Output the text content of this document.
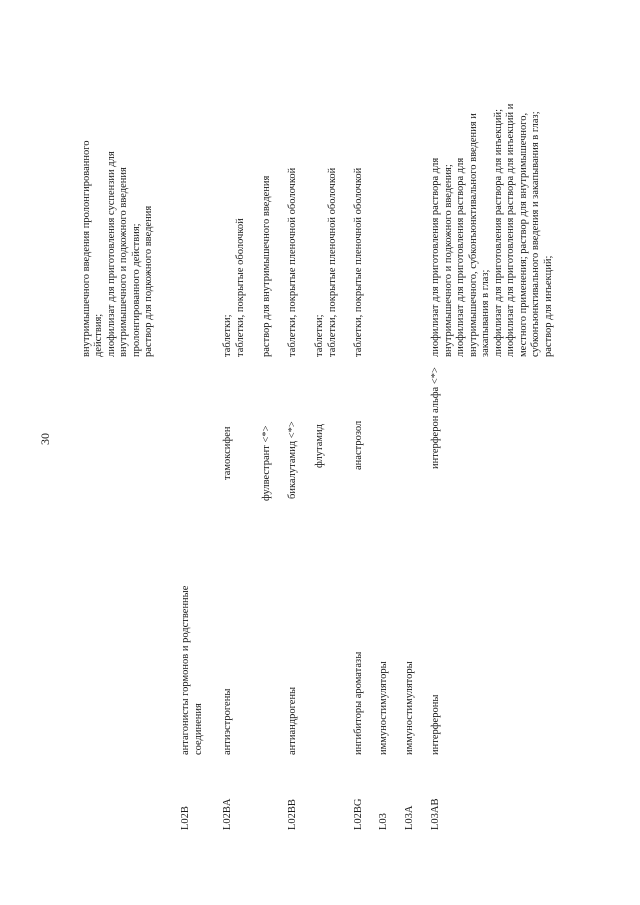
30
внутримышечного введения пролонгированного действия; лиофилизат для приготовления суспензии для внутримышечного и подкожного введения пролонгированного действия; раствор для подкожного введения
L02B
антагонисты гормонов и родственные соединения
L02BA
антиэстрогены
тамоксифен
таблетки; таблетки, покрытые оболочкой
фулвестрант <*>
раствор для внутримышечного введения
L02BB
антиандрогены
бикалутамид <*>
таблетки, покрытые пленочной оболочкой
флутамид
таблетки; таблетки, покрытые пленочной оболочкой
L02BG
ингибиторы ароматазы
анастрозол
таблетки, покрытые пленочной оболочкой
L03
иммуностимуляторы
L03A
иммуностимуляторы
L03AB
интерфероны
интерферон альфа <*>
лиофилизат для приготовления раствора для внутримышечного и подкожного введения; лиофилизат для приготовления раствора для внутримышечного, субконъюнктивального введения и закапывания в глаз; лиофилизат для приготовления раствора для инъекций; лиофилизат для приготовления раствора для инъекций и местного применения; раствор для внутримышечного, субконъюнктивального введения и закапывания в глаз; раствор для инъекций;
